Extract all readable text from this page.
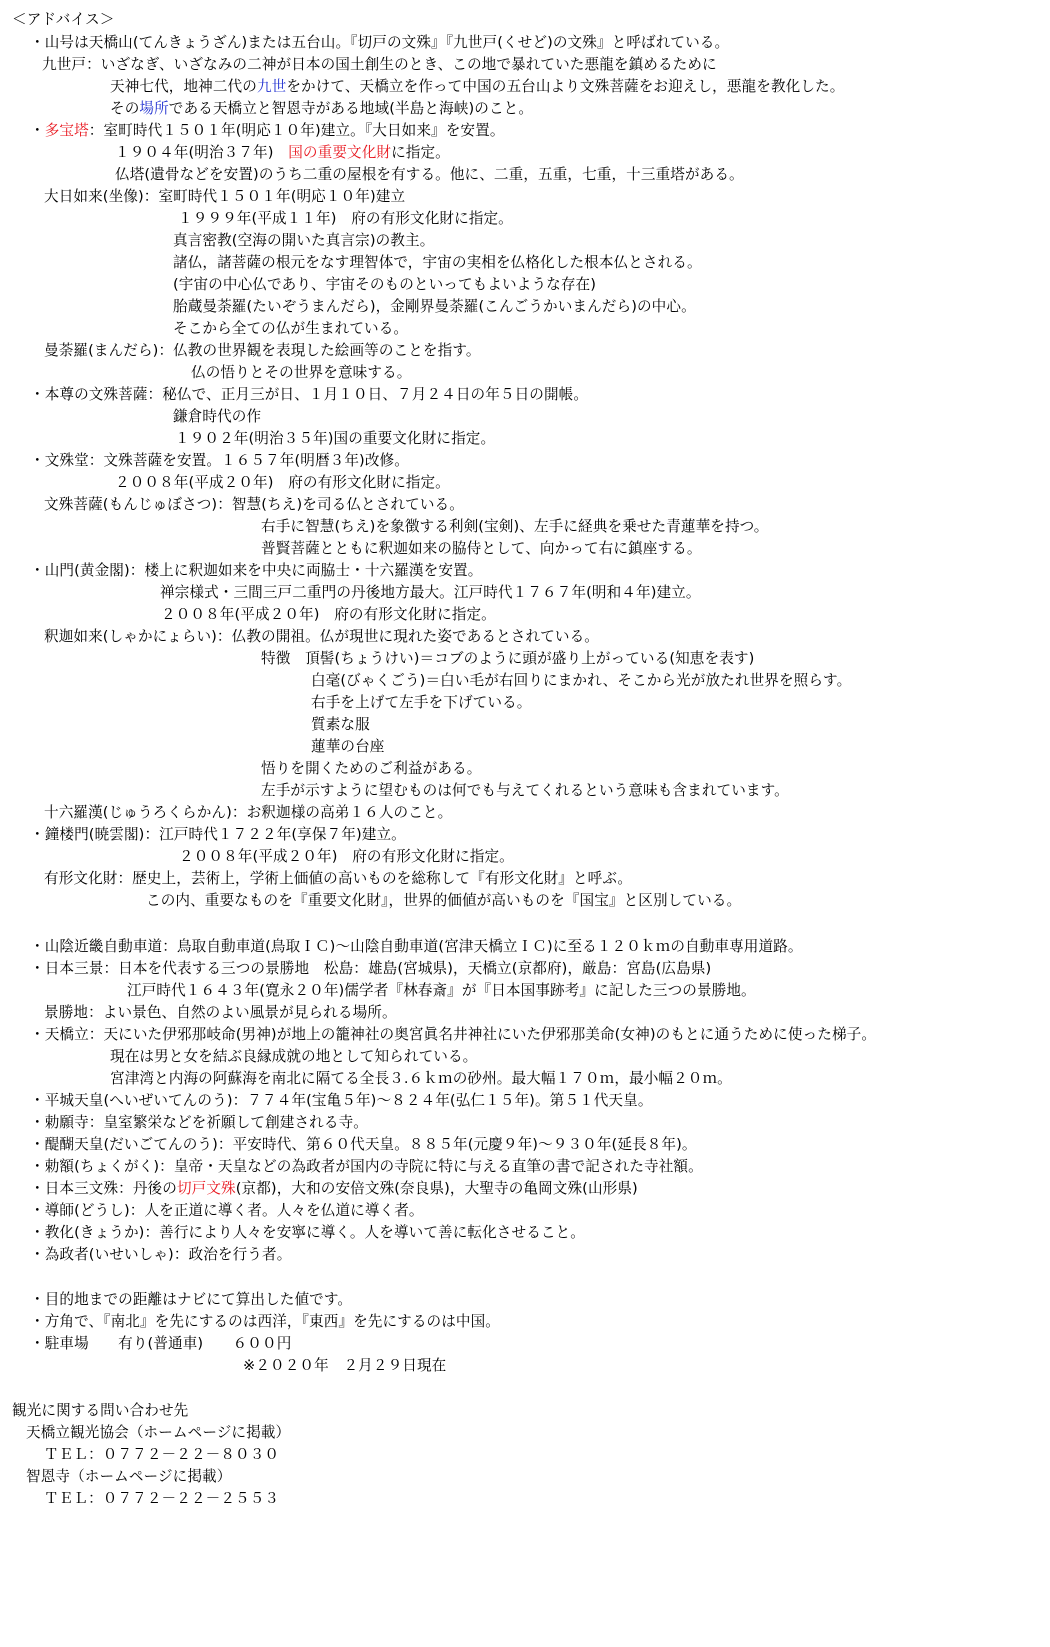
＜アドバイス＞
・山号は天橋山(てんきょうざん)または五台山。『切戸の文殊』『九世戸(くせど)の文殊』と呼ばれている。
九世戸：いざなぎ、いざなみの二神が日本の国土創生のとき、この地で暴れていた悪龍を鎮めるために
天神七代，地神二代の九世をかけて、天橋立を作って中国の五台山より文殊菩薩をお迎えし，悪龍を教化した。
その場所である天橋立と智恩寺がある地域(半島と海峡)のこと。
・多宝塔：室町時代１５０１年(明応１０年)建立。『大日如来』を安置。
１９０４年(明治３７年)　国の重要文化財に指定。
仏塔(遺骨などを安置)のうち二重の屋根を有する。他に、二重，五重，七重，十三重塔がある。
大日如来(坐像)：室町時代１５０１年(明応１０年)建立
１９９９年(平成１１年)　府の有形文化財に指定。
真言密教(空海の開いた真言宗)の教主。
諸仏，諸菩薩の根元をなす理智体で，宇宙の実相を仏格化した根本仏とされる。
(宇宙の中心仏であり、宇宙そのものといってもよいような存在)
胎蔵曼荼羅(たいぞうまんだら)，金剛界曼荼羅(こんごうかいまんだら)の中心。
そこから全ての仏が生まれている。
曼荼羅(まんだら)：仏教の世界観を表現した絵画等のことを指す。
仏の悟りとその世界を意味する。
・本尊の文殊菩薩：秘仏で、正月三が日、１月１０日、７月２４日の年５日の開帳。
鎌倉時代の作
１９０２年(明治３５年)国の重要文化財に指定。
・文殊堂：文殊菩薩を安置。１６５７年(明暦３年)改修。
２００８年(平成２０年)　府の有形文化財に指定。
文殊菩薩(もんじゅぼさつ)：智慧(ちえ)を司る仏とされている。
右手に智慧(ちえ)を象徴する利剣(宝剣)、左手に経典を乗せた青蓮華を持つ。
普賢菩薩とともに釈迦如来の脇侍として、向かって右に鎮座する。
・山門(黄金閣)：楼上に釈迦如来を中央に両脇士・十六羅漢を安置。
禅宗様式・三間三戸二重門の丹後地方最大。江戸時代１７６７年(明和４年)建立。
２００８年(平成２０年)　府の有形文化財に指定。
釈迦如来(しゃかにょらい)：仏教の開祖。仏が現世に現れた姿であるとされている。
特徴　頂髻(ちょうけい)＝コブのように頭が盛り上がっている(知恵を表す)
白毫(びゃくごう)＝白い毛が右回りにまかれ、そこから光が放たれ世界を照らす。
右手を上げて左手を下げている。
質素な服
蓮華の台座
悟りを開くためのご利益がある。
左手が示すように望むものは何でも与えてくれるという意味も含まれています。
十六羅漢(じゅうろくらかん)：お釈迦様の高弟１６人のこと。
・鐘楼門(暁雲閣)：江戸時代１７２２年(享保７年)建立。
２００８年(平成２０年)　府の有形文化財に指定。
有形文化財：歴史上，芸術上，学術上価値の高いものを総称して『有形文化財』と呼ぶ。
この内、重要なものを『重要文化財』，世界的価値が高いものを『国宝』と区別している。
・山陰近畿自動車道：鳥取自動車道(鳥取ＩＣ)～山陰自動車道(宮津天橋立ＩＣ)に至る１２０ｋｍの自動車専用道路。
・日本三景：日本を代表する三つの景勝地　松島：雄島(宮城県)，天橋立(京都府)，厳島：宮島(広島県)
江戸時代１６４３年(寛永２０年)儒学者『林春斎』が『日本国事跡考』に記した三つの景勝地。
景勝地：よい景色、自然のよい風景が見られる場所。
・天橋立：天にいた伊邪那岐命(男神)が地上の籠神社の奥宮眞名井神社にいた伊邪那美命(女神)のもとに通うために使った梯子。
現在は男と女を結ぶ良縁成就の地として知られている。
宮津湾と内海の阿蘇海を南北に隔てる全長３.６ｋｍの砂州。最大幅１７０ｍ，最小幅２０ｍ。
・平城天皇(へいぜいてんのう)：７７４年(宝亀５年)～８２４年(弘仁１５年)。第５１代天皇。
・勅願寺：皇室繁栄などを祈願して創建される寺。
・醍醐天皇(だいごてんのう)：平安時代、第６０代天皇。８８５年(元慶９年)～９３０年(延長８年)。
・勅額(ちょくがく)：皇帝・天皇などの為政者が国内の寺院に特に与える直筆の書で記された寺社額。
・日本三文殊：丹後の切戸文殊(京都)，大和の安倍文殊(奈良県)，大聖寺の亀岡文殊(山形県)
・導師(どうし)：人を正道に導く者。人々を仏道に導く者。
・教化(きょうか)：善行により人々を安寧に導く。人を導いて善に転化させること。
・為政者(いせいしゃ)：政治を行う者。
・目的地までの距離はナビにて算出した値です。
・方角で、『南北』を先にするのは西洋，『東西』を先にするのは中国。
・駐車場　　有り(普通車)　　６００円
※２０２０年　２月２９日現在
観光に関する問い合わせ先
天橋立観光協会（ホームページに掲載）
ＴＥＬ：０７７２－２２－８０３０
智恩寺（ホームページに掲載）
ＴＥＬ：０７７２－２２－２５５３
